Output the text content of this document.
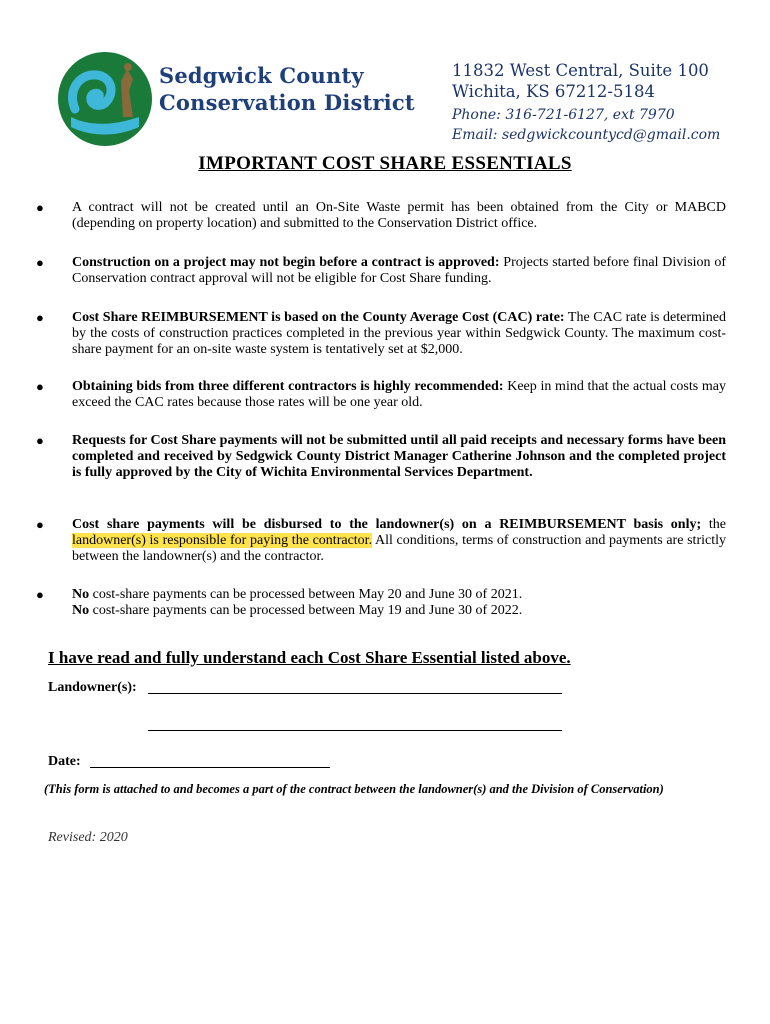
Sedgwick County
Conservation District
11832 West Central, Suite 100
Wichita, KS 67212-5184
Phone: 316-721-6127, ext 7970
Email: sedgwickcountycd@gmail.com
IMPORTANT COST SHARE ESSENTIALS
●	A contract will not be created until an On-Site Waste permit has been obtained from the City or MABCD (depending on property location) and submitted to the Conservation District office.
●	Construction on a project may not begin before a contract is approved: Projects started before final Division of Conservation contract approval will not be eligible for Cost Share funding.
●	Cost Share REIMBURSEMENT is based on the County Average Cost (CAC) rate: The CAC rate is determined by the costs of construction practices completed in the previous year within Sedgwick County. The maximum cost-share payment for an on-site waste system is tentatively set at $2,000.
●	Obtaining bids from three different contractors is highly recommended: Keep in mind that the actual costs may exceed the CAC rates because those rates will be one year old.
●	Requests for Cost Share payments will not be submitted until all paid receipts and necessary forms have been completed and received by Sedgwick County District Manager Catherine Johnson and the completed project is fully approved by the City of Wichita Environmental Services Department.
●	Cost share payments will be disbursed to the landowner(s) on a REIMBURSEMENT basis only; the landowner(s) is responsible for paying the contractor. All conditions, terms of construction and payments are strictly between the landowner(s) and the contractor.
●	No cost-share payments can be processed between May 20 and June 30 of 2021.
No cost-share payments can be processed between May 19 and June 30 of 2022.
I have read and fully understand each Cost Share Essential listed above.
Landowner(s):
Date:
(This form is attached to and becomes a part of the contract between the landowner(s) and the Division of Conservation)
Revised: 2020
